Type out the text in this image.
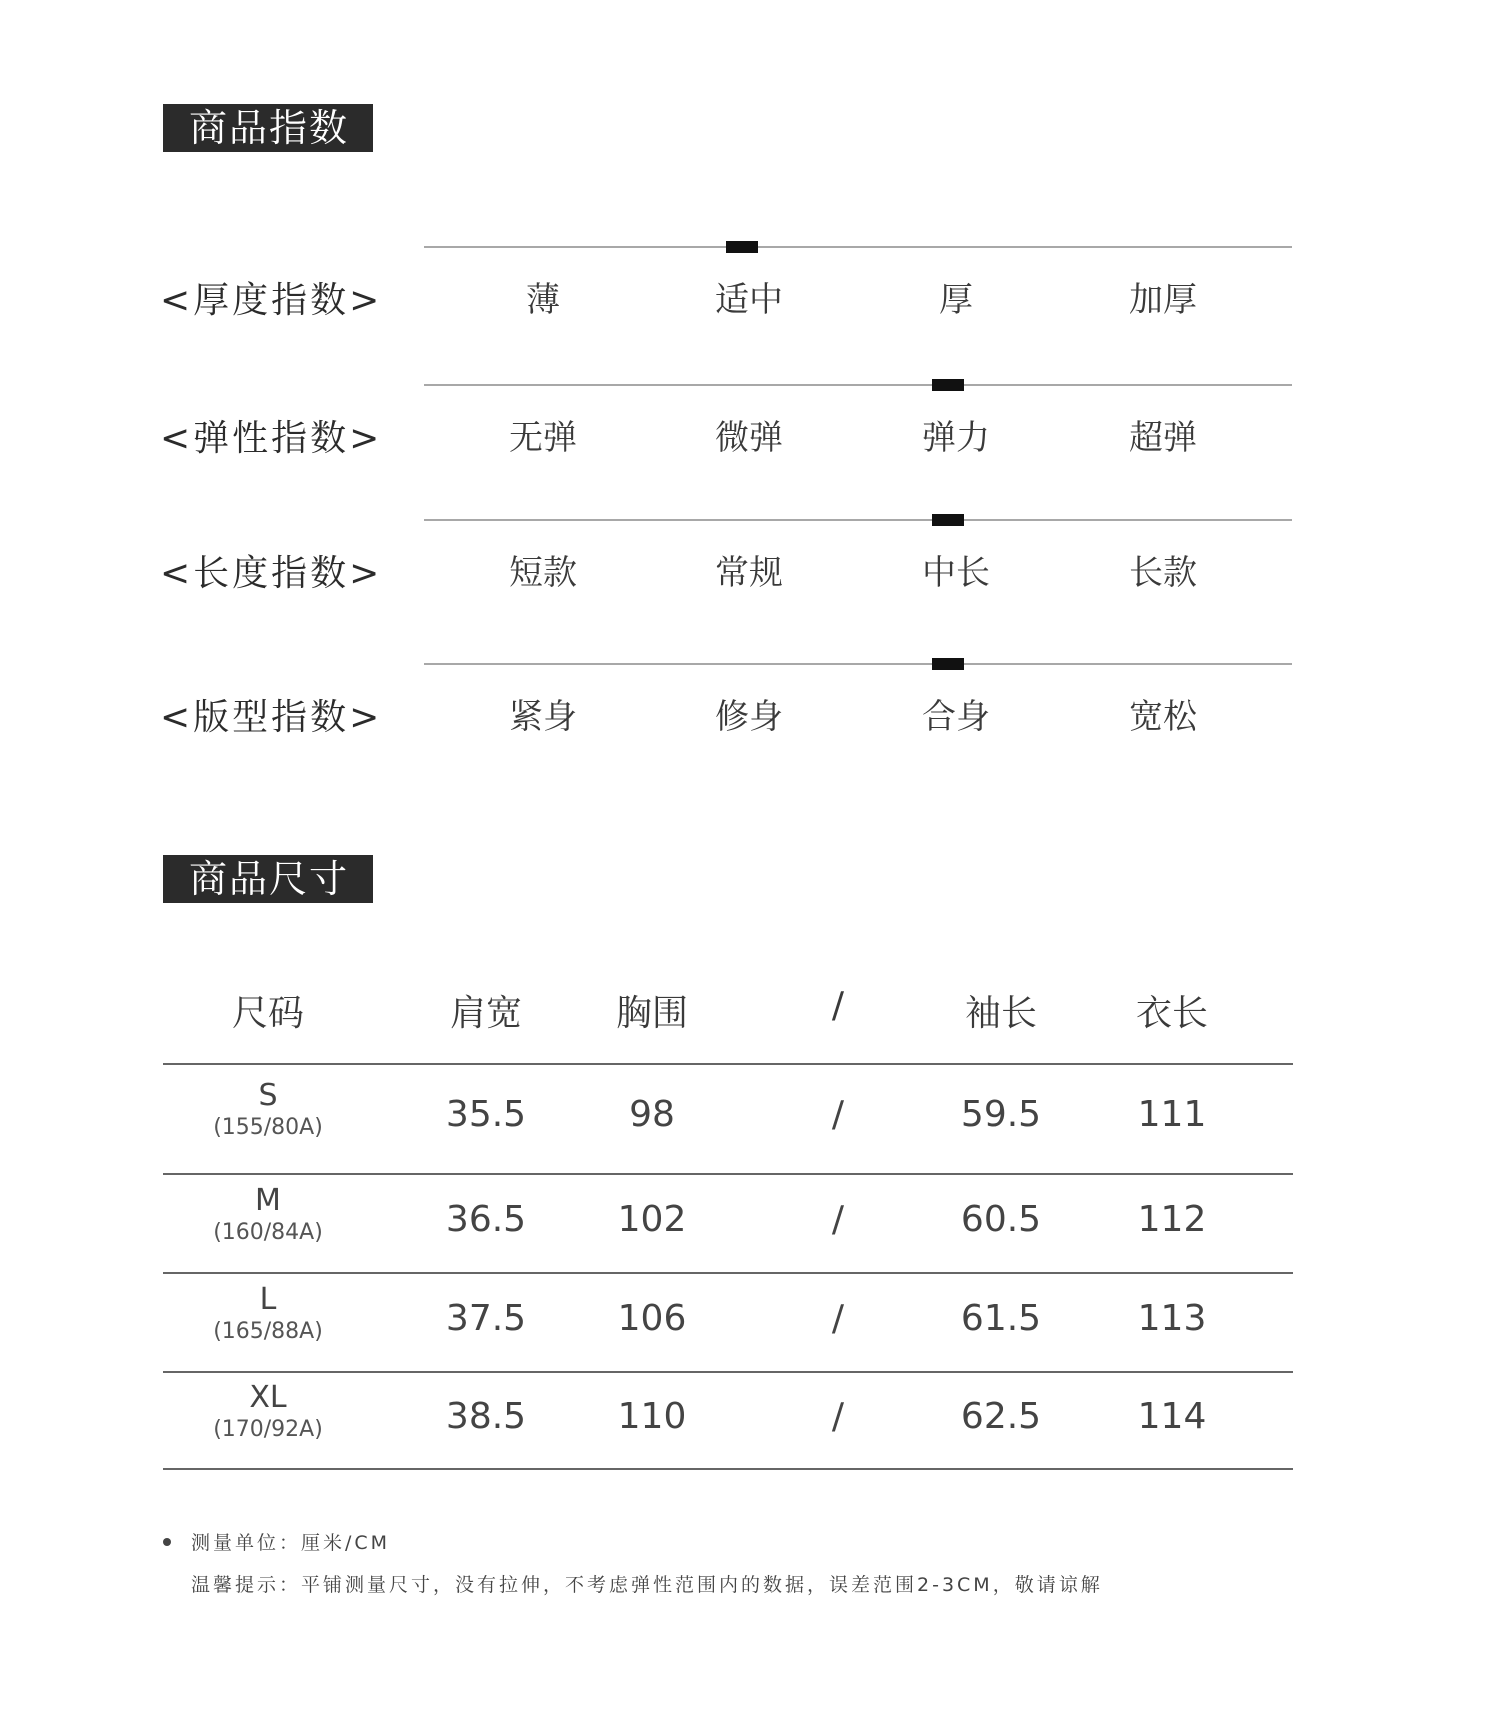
商品指数
<厚度指数>	薄	适中	厚	加厚
<弹性指数>	无弹	微弹	弹力	超弹
<长度指数>	短款	常规	中长	长款
<版型指数>	紧身	修身	合身	宽松
商品尺寸
尺码	肩宽	胸围	/	袖长	衣长
S
(155/80A)	35.5	98	/	59.5	111
M
(160/84A)	36.5	102	/	60.5	112
L
(165/88A)	37.5	106	/	61.5	113
XL
(170/92A)	38.5	110	/	62.5	114
测量单位：厘米/CM
温馨提示：平铺测量尺寸，没有拉伸，不考虑弹性范围内的数据，误差范围2-3CM，敬请谅解
